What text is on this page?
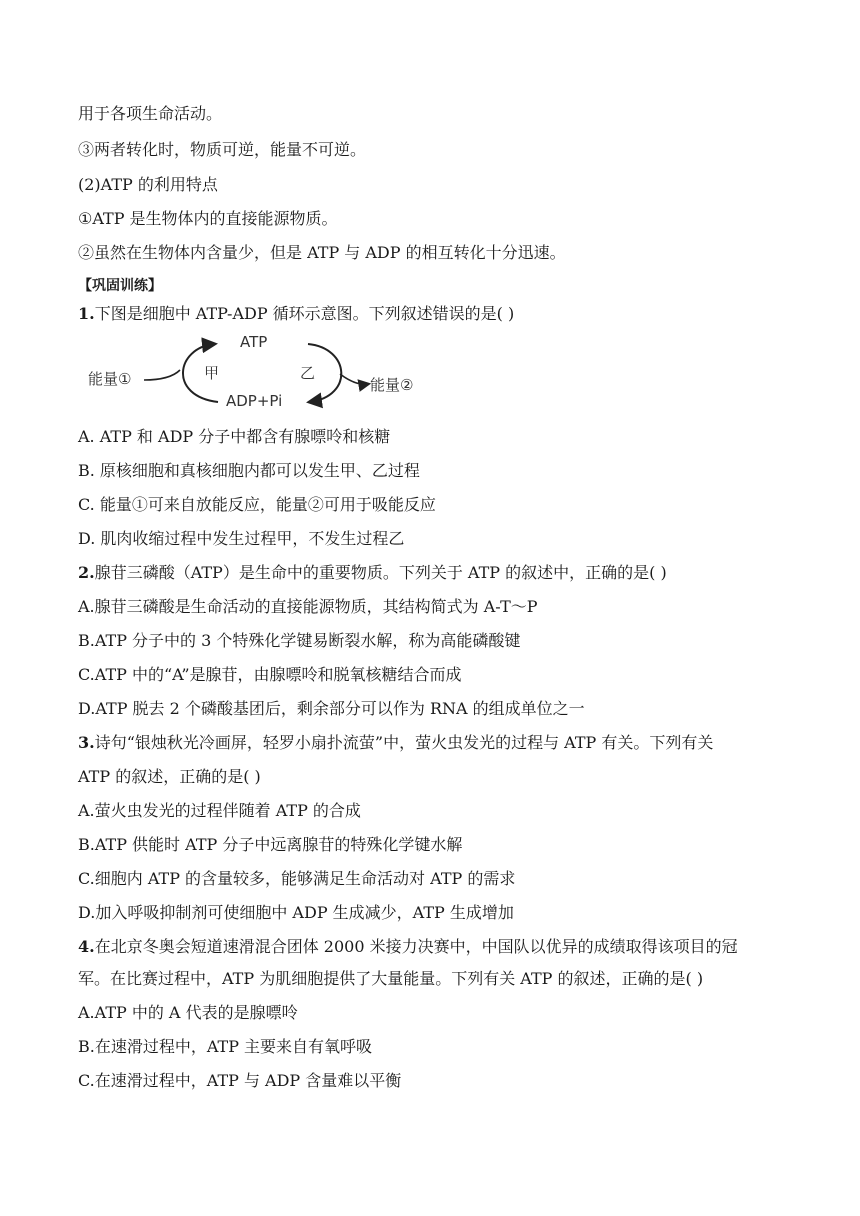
用于各项生命活动。
③两者转化时，物质可逆，能量不可逆。
(2)ATP 的利用特点
①ATP 是生物体内的直接能源物质。
②虽然在生物体内含量少，但是 ATP 与 ADP 的相互转化十分迅速。
【巩固训练】
1.下图是细胞中 ATP-ADP 循环示意图。下列叙述错误的是( )
能量①
ATP
ADP+Pi
甲	乙
能量②
A. ATP 和 ADP 分子中都含有腺嘌呤和核糖
B. 原核细胞和真核细胞内都可以发生甲、乙过程
C. 能量①可来自放能反应，能量②可用于吸能反应
D. 肌肉收缩过程中发生过程甲，不发生过程乙
2.腺苷三磷酸（ATP）是生命中的重要物质。下列关于 ATP 的叙述中，正确的是( )
A.腺苷三磷酸是生命活动的直接能源物质，其结构简式为 A-T～P
B.ATP 分子中的 3 个特殊化学键易断裂水解，称为高能磷酸键
C.ATP 中的“A”是腺苷，由腺嘌呤和脱氧核糖结合而成
D.ATP 脱去 2 个磷酸基团后，剩余部分可以作为 RNA 的组成单位之一
3.诗句“银烛秋光冷画屏，轻罗小扇扑流萤”中，萤火虫发光的过程与 ATP 有关。下列有关
ATP 的叙述，正确的是( )
A.萤火虫发光的过程伴随着 ATP 的合成
B.ATP 供能时 ATP 分子中远离腺苷的特殊化学键水解
C.细胞内 ATP 的含量较多，能够满足生命活动对 ATP 的需求
D.加入呼吸抑制剂可使细胞中 ADP 生成减少，ATP 生成增加
4.在北京冬奥会短道速滑混合团体 2000 米接力决赛中，中国队以优异的成绩取得该项目的冠
军。在比赛过程中，ATP 为肌细胞提供了大量能量。下列有关 ATP 的叙述，正确的是( )
A.ATP 中的 A 代表的是腺嘌呤
B.在速滑过程中，ATP 主要来自有氧呼吸
C.在速滑过程中，ATP 与 ADP 含量难以平衡
